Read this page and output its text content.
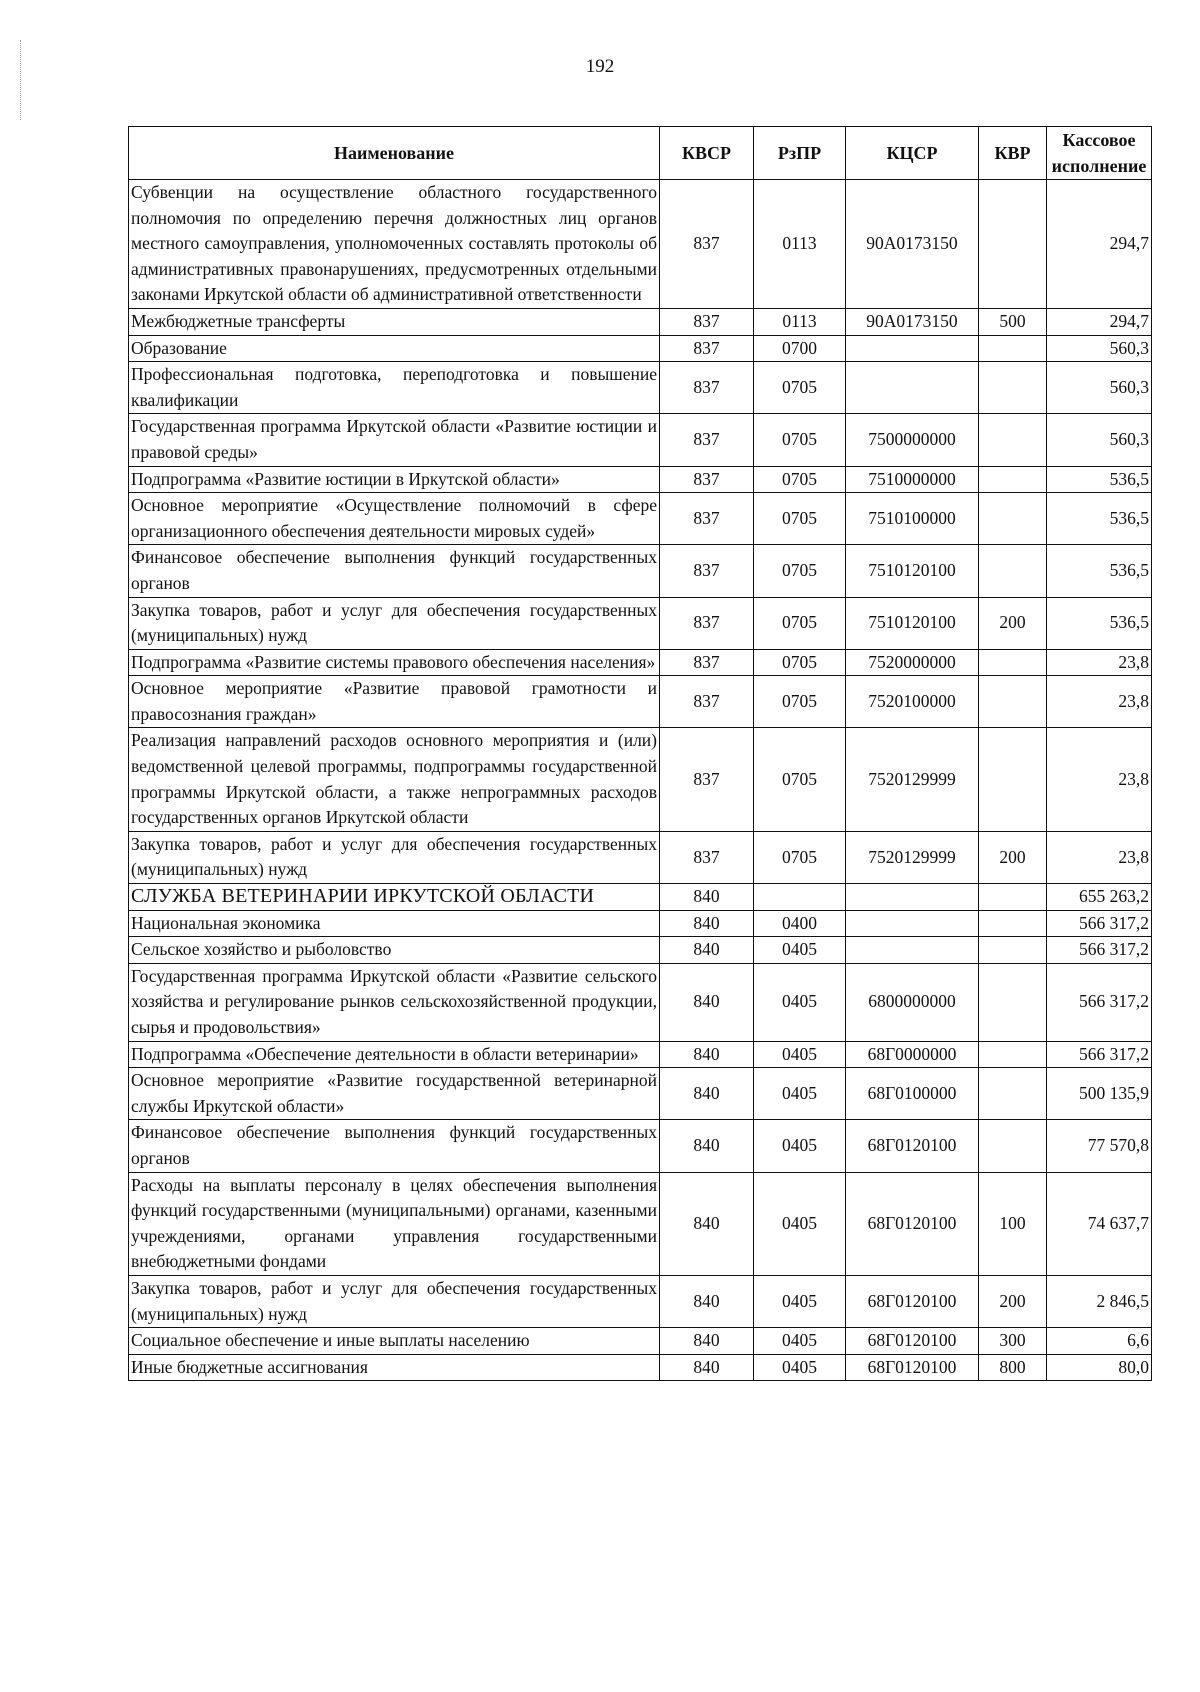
192
Наименование	КВСР	РзПР	КЦСР	КВР	Кассовое исполнение
Субвенции на осуществление областного государственного полномочия по определению перечня должностных лиц органов местного самоуправления, уполномоченных составлять протоколы об административных правонарушениях, предусмотренных отдельными законами Иркутской области об административной ответственности	837	0113	90А0173150		294,7
Межбюджетные трансферты	837	0113	90А0173150	500	294,7
Образование	837	0700			560,3
Профессиональная подготовка, переподготовка и повышение квалификации	837	0705			560,3
Государственная программа Иркутской области «Развитие юстиции и правовой среды»	837	0705	7500000000		560,3
Подпрограмма «Развитие юстиции в Иркутской области»	837	0705	7510000000		536,5
Основное мероприятие «Осуществление полномочий в сфере организационного обеспечения деятельности мировых судей»	837	0705	7510100000		536,5
Финансовое обеспечение выполнения функций государственных органов	837	0705	7510120100		536,5
Закупка товаров, работ и услуг для обеспечения государственных (муниципальных) нужд	837	0705	7510120100	200	536,5
Подпрограмма «Развитие системы правового обеспечения населения»	837	0705	7520000000		23,8
Основное мероприятие «Развитие правовой грамотности и правосознания граждан»	837	0705	7520100000		23,8
Реализация направлений расходов основного мероприятия и (или) ведомственной целевой программы, подпрограммы государственной программы Иркутской области, а также непрограммных расходов государственных органов Иркутской области	837	0705	7520129999		23,8
Закупка товаров, работ и услуг для обеспечения государственных (муниципальных) нужд	837	0705	7520129999	200	23,8
СЛУЖБА ВЕТЕРИНАРИИ ИРКУТСКОЙ ОБЛАСТИ	840				655 263,2
Национальная экономика	840	0400			566 317,2
Сельское хозяйство и рыболовство	840	0405			566 317,2
Государственная программа Иркутской области «Развитие сельского хозяйства и регулирование рынков сельскохозяйственной продукции, сырья и продовольствия»	840	0405	6800000000		566 317,2
Подпрограмма «Обеспечение деятельности в области ветеринарии»	840	0405	68Г0000000		566 317,2
Основное мероприятие «Развитие государственной ветеринарной службы Иркутской области»	840	0405	68Г0100000		500 135,9
Финансовое обеспечение выполнения функций государственных органов	840	0405	68Г0120100		77 570,8
Расходы на выплаты персоналу в целях обеспечения выполнения функций государственными (муниципальными) органами, казенными учреждениями, органами управления государственными внебюджетными фондами	840	0405	68Г0120100	100	74 637,7
Закупка товаров, работ и услуг для обеспечения государственных (муниципальных) нужд	840	0405	68Г0120100	200	2 846,5
Социальное обеспечение и иные выплаты населению	840	0405	68Г0120100	300	6,6
Иные бюджетные ассигнования	840	0405	68Г0120100	800	80,0
